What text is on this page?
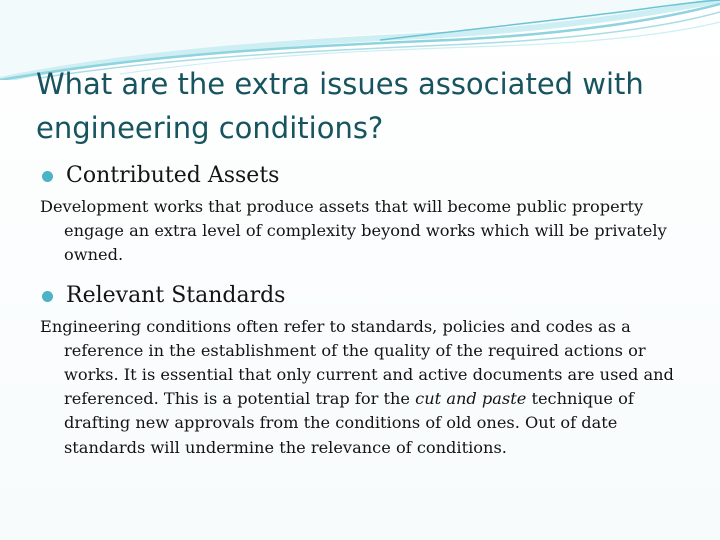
What are the extra issues associated with engineering conditions?
Contributed Assets
Development works that produce assets that will become public property engage an extra level of complexity beyond works which will be privately owned.
Relevant Standards
Engineering conditions often refer to standards, policies and codes as a reference in the establishment of the quality of the required actions or works. It is essential that only current and active documents are used and referenced. This is a potential trap for the cut and paste technique of drafting new approvals from the conditions of old ones. Out of date standards will undermine the relevance of conditions.
